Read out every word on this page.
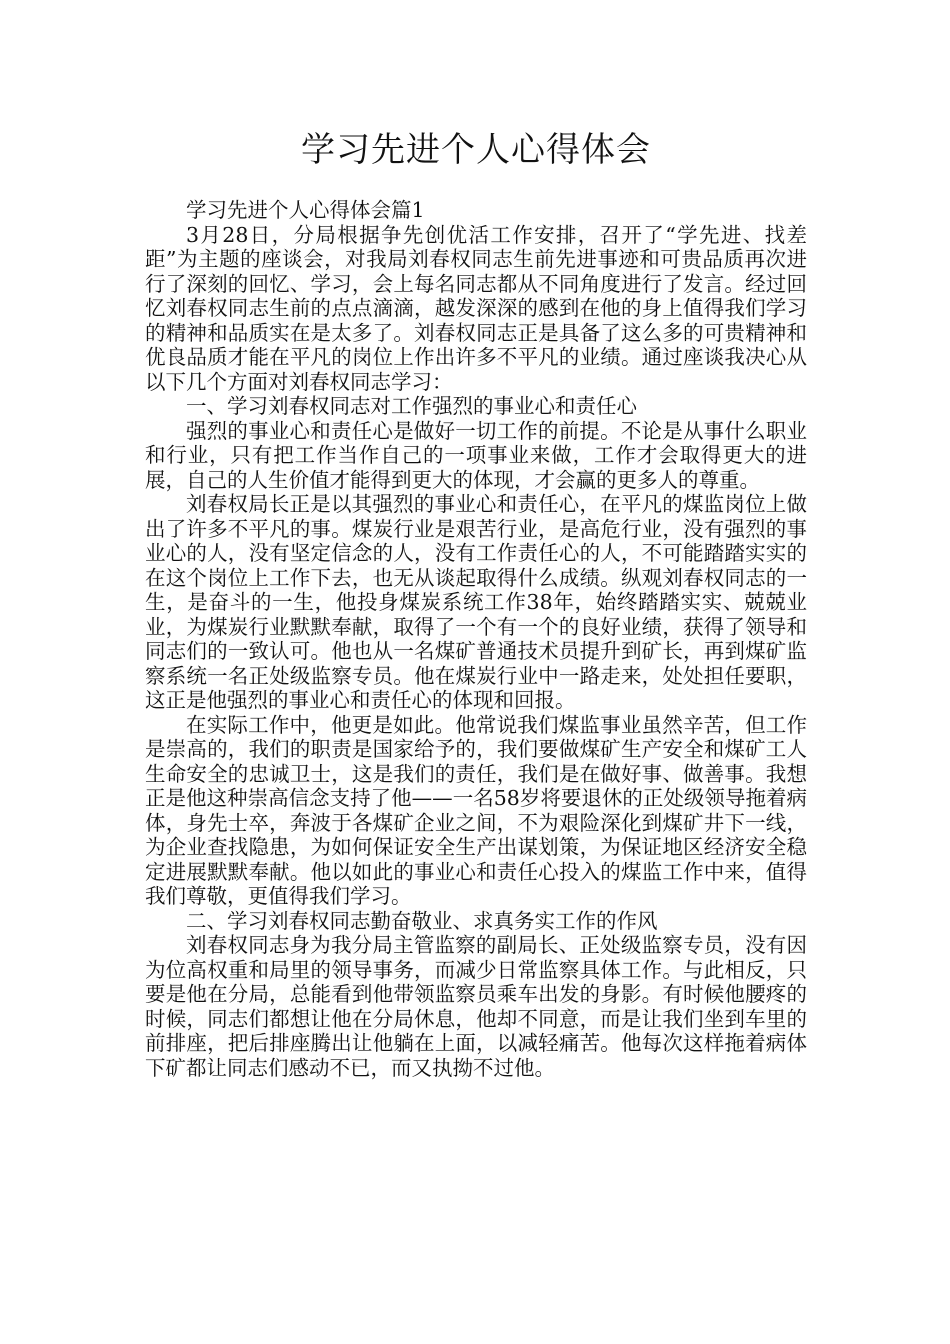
学习先进个人心得体会

学习先进个人心得体会篇1

3月28日，分局根据争先创优活工作安排，召开了“学先进、找差距”为主题的座谈会，对我局刘春权同志生前先进事迹和可贵品质再次进行了深刻的回忆、学习，会上每名同志都从不同角度进行了发言。经过回忆刘春权同志生前的点点滴滴，越发深深的感到在他的身上值得我们学习的精神和品质实在是太多了。刘春权同志正是具备了这么多的可贵精神和优良品质才能在平凡的岗位上作出许多不平凡的业绩。通过座谈我决心从以下几个方面对刘春权同志学习：

一、学习刘春权同志对工作强烈的事业心和责任心

强烈的事业心和责任心是做好一切工作的前提。不论是从事什么职业和行业，只有把工作当作自己的一项事业来做，工作才会取得更大的进展，自己的人生价值才能得到更大的体现，才会赢的更多人的尊重。

刘春权局长正是以其强烈的事业心和责任心，在平凡的煤监岗位上做出了许多不平凡的事。煤炭行业是艰苦行业，是高危行业，没有强烈的事业心的人，没有坚定信念的人，没有工作责任心的人，不可能踏踏实实的在这个岗位上工作下去，也无从谈起取得什么成绩。纵观刘春权同志的一生，是奋斗的一生，他投身煤炭系统工作38年，始终踏踏实实、兢兢业业，为煤炭行业默默奉献，取得了一个有一个的良好业绩，获得了领导和同志们的一致认可。他也从一名煤矿普通技术员提升到矿长，再到煤矿监察系统一名正处级监察专员。他在煤炭行业中一路走来，处处担任要职，这正是他强烈的事业心和责任心的体现和回报。

在实际工作中，他更是如此。他常说我们煤监事业虽然辛苦，但工作是崇高的，我们的职责是国家给予的，我们要做煤矿生产安全和煤矿工人生命安全的忠诚卫士，这是我们的责任，我们是在做好事、做善事。我想正是他这种崇高信念支持了他——一名58岁将要退休的正处级领导拖着病体，身先士卒，奔波于各煤矿企业之间，不为艰险深化到煤矿井下一线，为企业查找隐患，为如何保证安全生产出谋划策，为保证地区经济安全稳定进展默默奉献。他以如此的事业心和责任心投入的煤监工作中来，值得我们尊敬，更值得我们学习。

二、学习刘春权同志勤奋敬业、求真务实工作的作风

刘春权同志身为我分局主管监察的副局长、正处级监察专员，没有因为位高权重和局里的领导事务，而减少日常监察具体工作。与此相反，只要是他在分局，总能看到他带领监察员乘车出发的身影。有时候他腰疼的时候，同志们都想让他在分局休息，他却不同意，而是让我们坐到车里的前排座，把后排座腾出让他躺在上面，以减轻痛苦。他每次这样拖着病体下矿都让同志们感动不已，而又执拗不过他。
